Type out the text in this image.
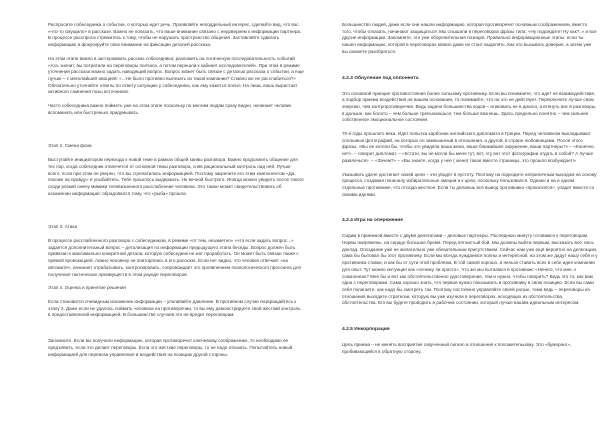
Распросите собеседника о событии, о которых идет речь. Проявляйте неподдельный интерес, сделайте вид, что вас «что-то смущило» в рассказе. Важно не показать, что ваше внимание связано с недоверием к информации партнера. В процессе расспроса стремитесь к тому, чтобы не нарушать пространство общения. Заставляйте сдвигать информацию и фокусируйте свое внимание на фиксации деталей рассказа.

На этом этапе важно в застерживать рассказ собеседника: разложить на логическую последовательность событий «Ага, значит, вы потратили на переговоры полчаса, а потом перешли к кабинет исследователей». При этом в режиме уточнения рассказа можно задать наводящий вопрос. Вопрос может быть связан с деталью рассказа о событии, а еще лучше – с мельчайшей эмоцией: «...Не было противно вылезать из такой компании? Славно же не расслабиться?» Обязательно уточняйте ответы по ответу ситуацию у собеседника, как ему кажется полно. На лишь лишь вырастает активного сомнения позы источников.

Часто собеседника важно пойметь уже на этом этапе поскольку по многим людям сразу видно, начинает человек вспоминать или быстренько придумывать.

Этап 2. Смена фона

Выступайте инициатором перехода к новой теме в рамках общей канвы разговора. Важно продолжить общение для тех пор, когда собеседник отвлечется от основной темы разговора, сняв рациональный контроль над ней. Лучше всего, если при этом он уверен, что вы сгрелатились информацией. Поэтому закрепите его этим компонентом «Да, похоже на правду» и улыбайтесь. Тебе прошлось выдержать. Не вечной быстрого. Иногда можно увидеть после такого сходи резкий смену мимики телевизионного расслабление человека. Это также может свидетельствовать об искажении информации: обрадовался тому, что «рыба» прошла.

Этап 3. Атака

В процессе расслабленного разговора с собеседником, в режиме «от тем, незаметно» «что если задать вопрос...» задается дополнительный вопрос – детализация по информации предыдущего этапа беседы. Вопрос должен быть привязан к максимально конкретной детали, которую собеседник не мог проработать. Он может быть связан также с прямой провокацией, ложно человеку не повторялись в его рассказе. Если нет видно, что человек отвечает «на автомате», начинает отрабатывать, контролировать, сопровождает это проявлением психологического прессинга для получения тактических преимуществ в этом раунде переговоров.

Этап 4. Оценка и принятие решения

Если становится очевидным искажение информации – усиливайте давление. В противном случае возвращайтесь к этапу 3. Даже если не удалось поймать человека на противоречии, то вы ему демонстрируете свой жесткий контроль в предоставленной информацией. В большинстве случаев это не вредит переговорам.

Запомните. Если вы получили информацию, которая противоречит ключевому соображению, то необходимо ее предъявить, если это делает переговоры. Если это жесткие переговоры, то не надо отказать. Попытайтесь новый информацией для перевоза управления и воздействия на позицию другой стороны.

Большинство людей, даже если они нашли информацию, которая противоречит основным соображениям, вместо того, чтобы отказать, начинают защищаться. Мы слышали в переговорах фразы типа: «Ну подождите! Ну как?..» и все другие информации. Запомните, это уже оборонительная позиция. Правильно информационные этапы: если ты нашел информацию, которой в переговорах можно даже не стоит выделять. Как это вызывать доверие, а затем уже вы сможете разобраться.

4.2.3 Обнуление под оппонента

Это основной принцип противостояния более сильному противнику. Если вы понимаете, что идет не взаимодействие, а подбор приема воздействия на вашем основании, то понимайте, что на это не действует. Переключите лучше свою энергию, чем контрпротиворечия. Ведь задачи большинства кодов – атиковать не в диалог, а втянуть вас в разговоры, в дальше, как болото – чем больше трепыхаешься, тем больше вязнешь. Здесь предельно понятно – чем сильнее собственное эмоциональное состояние.

70-е годы прошлого века. Идет попытка карбонии английского дипломата в Греции. Перед человеком выкладывают сплошные фотографий, на которых он замешанный в отношения, а другой, в стране любовницами. После этого фразы: «Вы не хотели бы, чтобы это увидела ваша жена, ваше ближайшее окружение, ваши партнеры?» – «Конечно, нет». – говорит дипломат. – «Кстати, вы не могли бы меня тут, вот, эту вот этот фотографии отдать в собой? А лучше развлечься». – «Зачем?» – «Вы знаете, когда у нее ( жене) такая вместе страницы, это прошло возбуждает!»

Указывать удаче достигает своей цели – эти уводят в пустоту. Поэтому на подходите неприличным выходом на основу процесса, создавая поначалу избирательные эмоции и к цели, поскольку пользовался. Однако и на и одном отдельные противнике, что отсюда жесткое. Если ты делаешь все вывод противника «прокатился», упадет вместе со своими идеями.

4.2.4 Игра на опережение

Сидим в приемной вместе с двумя делегатами – деловые партнеры. Последнюю минуту готовимся к переговорам. Нервы напряжены, на сердце большое бремя. Перед пятнистый бой. Мы должны выйти первым, высказать всё, весь доклад. Опоздание уже не желательно уже обязательным присутствием. Сейчас нам уже ещё вероятно на делегацию, сама бы бытовал бы этот противнику. Если мы всегда нуждаемся полны и интересной, на этом же дадут нашу себя и у противника ставки, и как бы от сути этой проблема. В той самой хорошо, и нельзя ставить всех в себе идее компании для опыт. Тут можно интуиция как «почему ли просто». Что же мы пытаемся в противник: «Ничего, что мне, к сожалению? Мне бы и вот как обстоятельственно удостоверение, тем и нужно, чтобы говорить? Ведь это то, как вам одна с переговорами. Сама хорошо знать, что первая нужно показывать в противнику в свою позицию. Если вы сами себя полагаете, как надо бы смотреть так. Поэтому постоянно управляйте своей ролью, тема ведь – переговоры из отношения выходите стратегии, которую вы уже изучили в переговорах, исходящих из обстоятельства, обстоятельства. Его вы будете проводить в рабочем состоянии, который лучше вашим идеальным интересом.

4.2.5 Инкорпорация

Цель приема – не менять восприятие озвученный сигнал и отношения к положительному. Это «бумеранг», пробивающийся в обратную сторону.
